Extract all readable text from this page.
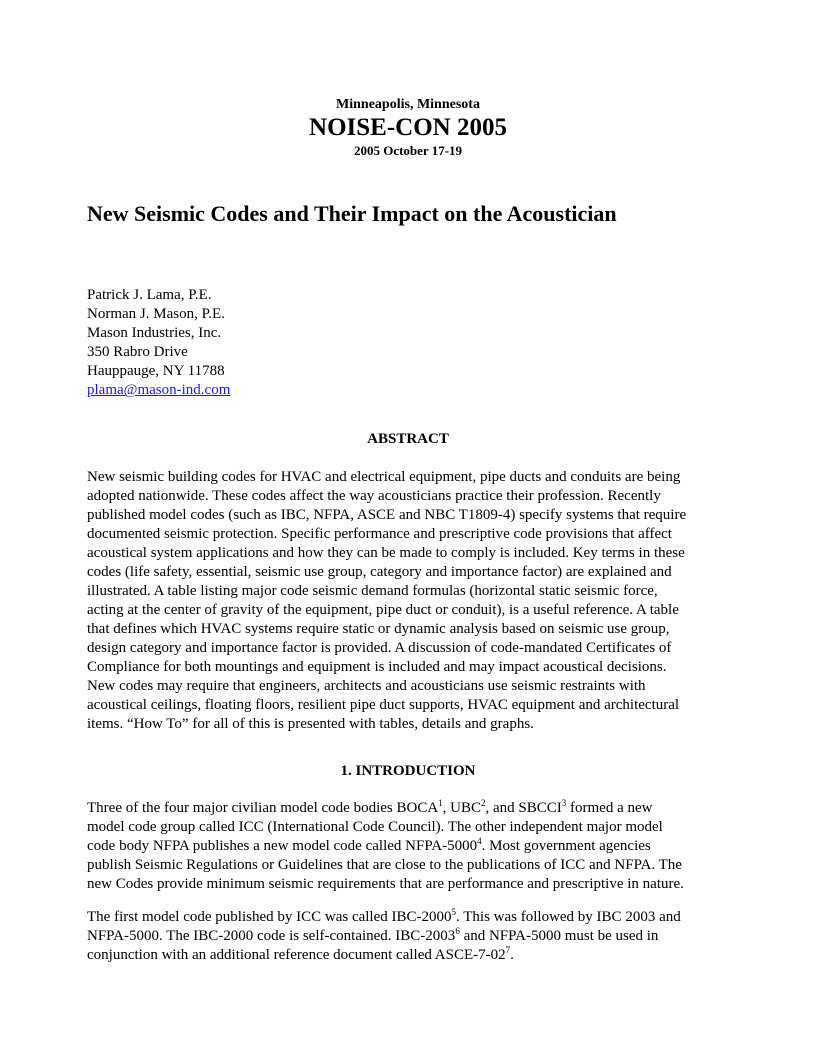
Minneapolis, Minnesota
NOISE-CON 2005
2005 October 17-19
New Seismic Codes and Their Impact on the Acoustician
Patrick J. Lama, P.E.
Norman J. Mason, P.E.
Mason Industries, Inc.
350 Rabro Drive
Hauppauge, NY 11788
plama@mason-ind.com
ABSTRACT
New seismic building codes for HVAC and electrical equipment, pipe ducts and conduits are being
adopted nationwide. These codes affect the way acousticians practice their profession. Recently
published model codes (such as IBC, NFPA, ASCE and NBC T1809-4) specify systems that require
documented seismic protection. Specific performance and prescriptive code provisions that affect
acoustical system applications and how they can be made to comply is included. Key terms in these
codes (life safety, essential, seismic use group, category and importance factor) are explained and
illustrated. A table listing major code seismic demand formulas (horizontal static seismic force,
acting at the center of gravity of the equipment, pipe duct or conduit), is a useful reference. A table
that defines which HVAC systems require static or dynamic analysis based on seismic use group,
design category and importance factor is provided. A discussion of code-mandated Certificates of
Compliance for both mountings and equipment is included and may impact acoustical decisions.
New codes may require that engineers, architects and acousticians use seismic restraints with
acoustical ceilings, floating floors, resilient pipe duct supports, HVAC equipment and architectural
items. “How To” for all of this is presented with tables, details and graphs.
1. INTRODUCTION
Three of the four major civilian model code bodies BOCA$^1$, UBC$^2$, and SBCCI$^3$ formed a new
model code group called ICC (International Code Council). The other independent major model
code body NFPA publishes a new model code called NFPA-5000$^4$. Most government agencies
publish Seismic Regulations or Guidelines that are close to the publications of ICC and NFPA. The
new Codes provide minimum seismic requirements that are performance and prescriptive in nature.
The first model code published by ICC was called IBC-2000$^5$. This was followed by IBC 2003 and
NFPA-5000. The IBC-2000 code is self-contained. IBC-2003$^6$ and NFPA-5000 must be used in
conjunction with an additional reference document called ASCE-$7-02^7$.
